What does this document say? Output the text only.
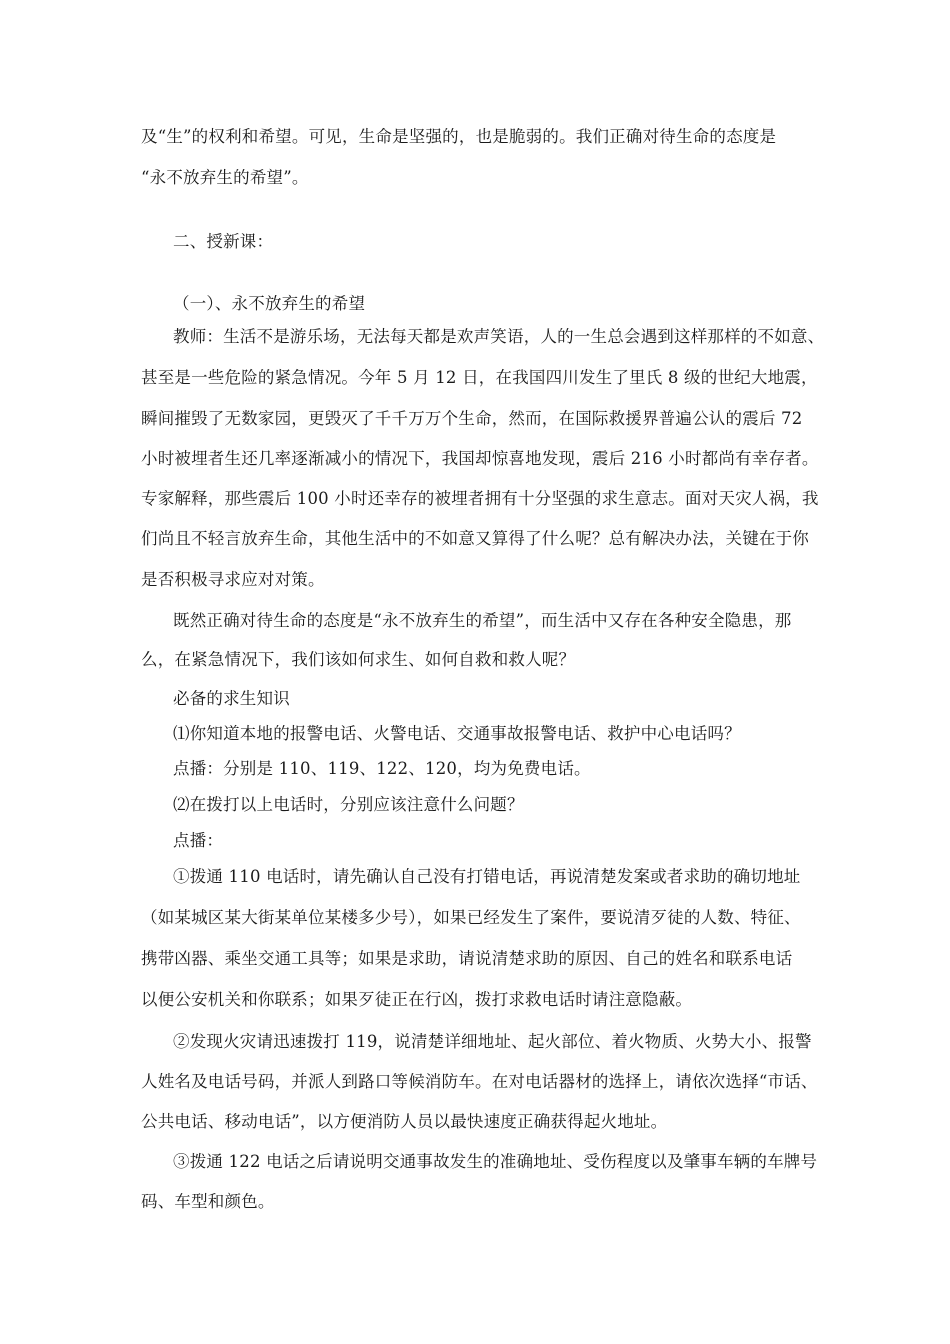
及“生”的权利和希望。可见，生命是坚强的，也是脆弱的。我们正确对待生命的态度是
“永不放弃生的希望”。
二、授新课：
（一）、永不放弃生的希望
教师：生活不是游乐场，无法每天都是欢声笑语，人的一生总会遇到这样那样的不如意、
甚至是一些危险的紧急情况。今年 5 月 12 日，在我国四川发生了里氏 8 级的世纪大地震，
瞬间摧毁了无数家园，更毁灭了千千万万个生命，然而，在国际救援界普遍公认的震后 72
小时被埋者生还几率逐渐减小的情况下，我国却惊喜地发现，震后 216 小时都尚有幸存者。
专家解释，那些震后 100 小时还幸存的被埋者拥有十分坚强的求生意志。面对天灾人祸，我
们尚且不轻言放弃生命，其他生活中的不如意又算得了什么呢？总有解决办法，关键在于你
是否积极寻求应对对策。
既然正确对待生命的态度是“永不放弃生的希望”，而生活中又存在各种安全隐患，那
么，在紧急情况下，我们该如何求生、如何自救和救人呢？
必备的求生知识
⑴你知道本地的报警电话、火警电话、交通事故报警电话、救护中心电话吗？
点播：分别是 110、119、122、120，均为免费电话。
⑵在拨打以上电话时，分别应该注意什么问题？
点播：
①拨通 110 电话时，请先确认自己没有打错电话，再说清楚发案或者求助的确切地址
（如某城区某大街某单位某楼多少号），如果已经发生了案件，要说清歹徒的人数、特征、
携带凶器、乘坐交通工具等；如果是求助，请说清楚求助的原因、自己的姓名和联系电话
以便公安机关和你联系；如果歹徒正在行凶，拨打求救电话时请注意隐蔽。
②发现火灾请迅速拨打 119，说清楚详细地址、起火部位、着火物质、火势大小、报警
人姓名及电话号码，并派人到路口等候消防车。在对电话器材的选择上，请依次选择“市话、
公共电话、移动电话”，以方便消防人员以最快速度正确获得起火地址。
③拨通 122 电话之后请说明交通事故发生的准确地址、受伤程度以及肇事车辆的车牌号
码、车型和颜色。
